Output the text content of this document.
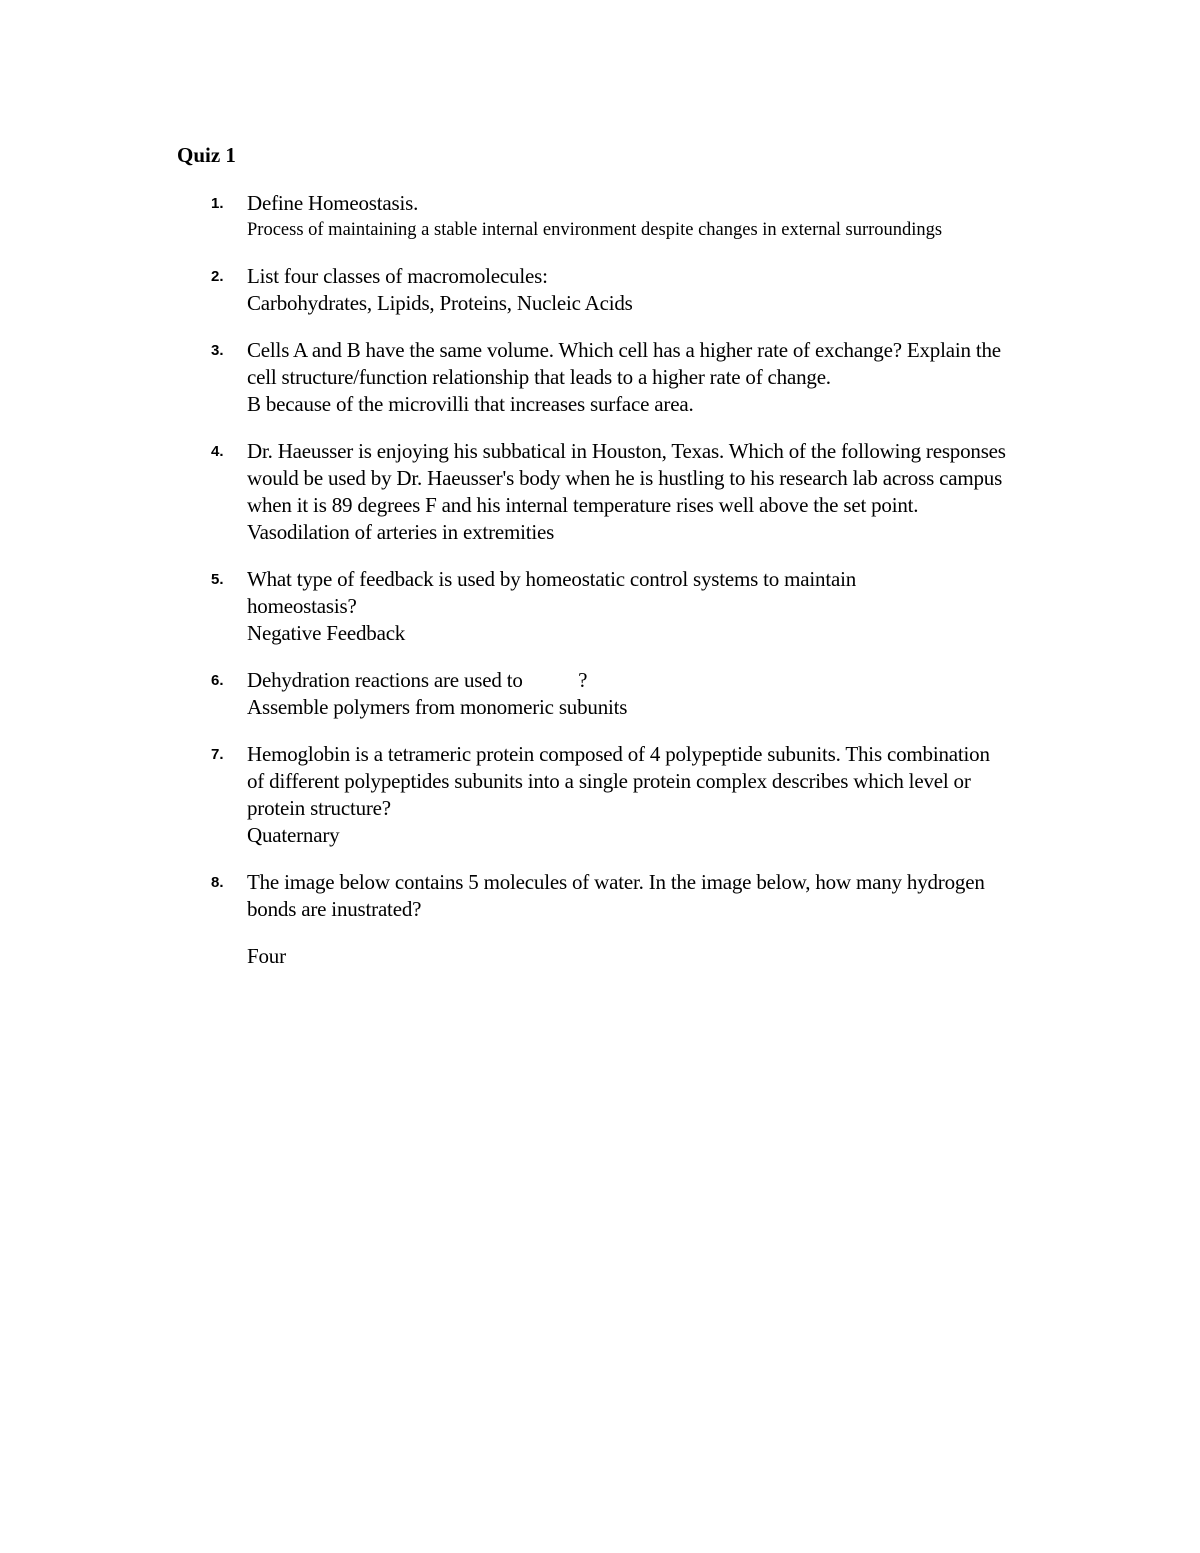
Quiz 1
1. Define Homeostasis.
Process of maintaining a stable internal environment despite changes in external surroundings
2. List four classes of macromolecules:
Carbohydrates, Lipids, Proteins, Nucleic Acids
3. Cells A and B have the same volume. Which cell has a higher rate of exchange? Explain the cell structure/function relationship that leads to a higher rate of change.
B because of the microvilli that increases surface area.
4. Dr. Haeusser is enjoying his subbatical in Houston, Texas. Which of the following responses would be used by Dr. Haeusser's body when he is hustling to his research lab across campus when it is 89 degrees F and his internal temperature rises well above the set point.
Vasodilation of arteries in extremities
5. What type of feedback is used by homeostatic control systems to maintain homeostasis?
Negative Feedback
6. Dehydration reactions are used to           ?
Assemble polymers from monomeric subunits
7. Hemoglobin is a tetrameric protein composed of 4 polypeptide subunits. This combination of different polypeptides subunits into a single protein complex describes which level or protein structure?
Quaternary
8. The image below contains 5 molecules of water. In the image below, how many hydrogen bonds are inustrated?
Four
